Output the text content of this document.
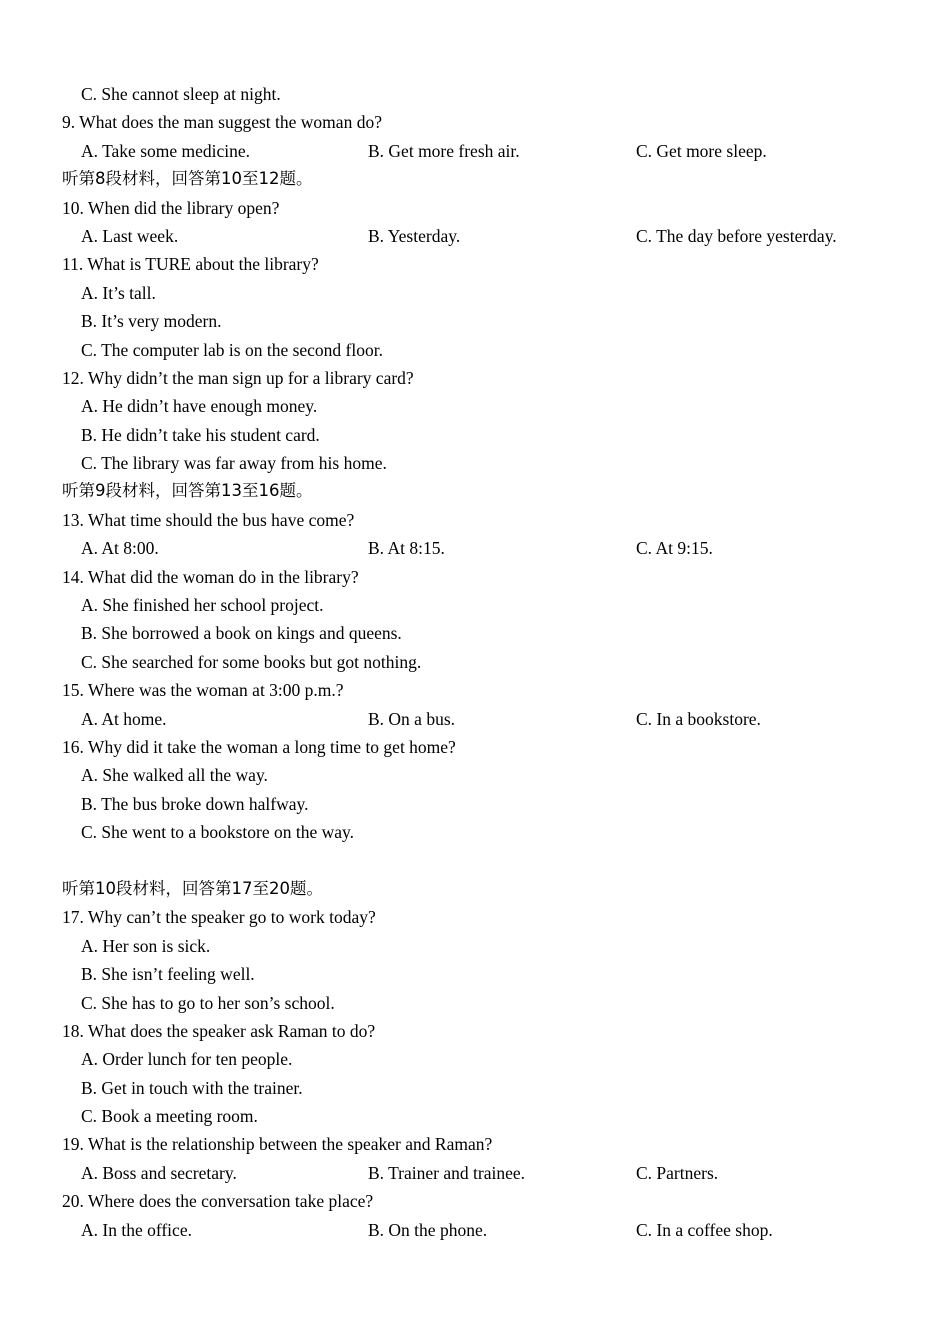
C. She cannot sleep at night.
9. What does the man suggest the woman do?
A. Take some medicine.	B. Get more fresh air.	C. Get more sleep.
听第8段材料，回答第10至12题。
10. When did the library open?
A. Last week.	B. Yesterday.	C. The day before yesterday.
11. What is TURE about the library?
A. It’s tall.
B. It’s very modern.
C. The computer lab is on the second floor.
12. Why didn’t the man sign up for a library card?
A. He didn’t have enough money.
B. He didn’t take his student card.
C. The library was far away from his home.
听第9段材料，回答第13至16题。
13. What time should the bus have come?
A. At 8:00.	B. At 8:15.	C. At 9:15.
14. What did the woman do in the library?
A. She finished her school project.
B. She borrowed a book on kings and queens.
C. She searched for some books but got nothing.
15. Where was the woman at 3:00 p.m.?
A. At home.	B. On a bus.	C. In a bookstore.
16. Why did it take the woman a long time to get home?
A. She walked all the way.
B. The bus broke down halfway.
C. She went to a bookstore on the way.
听第10段材料，回答第17至20题。
17. Why can’t the speaker go to work today?
A. Her son is sick.
B. She isn’t feeling well.
C. She has to go to her son’s school.
18. What does the speaker ask Raman to do?
A. Order lunch for ten people.
B. Get in touch with the trainer.
C. Book a meeting room.
19. What is the relationship between the speaker and Raman?
A. Boss and secretary.	B. Trainer and trainee.	C. Partners.
20. Where does the conversation take place?
A. In the office.	B. On the phone.	C. In a coffee shop.
